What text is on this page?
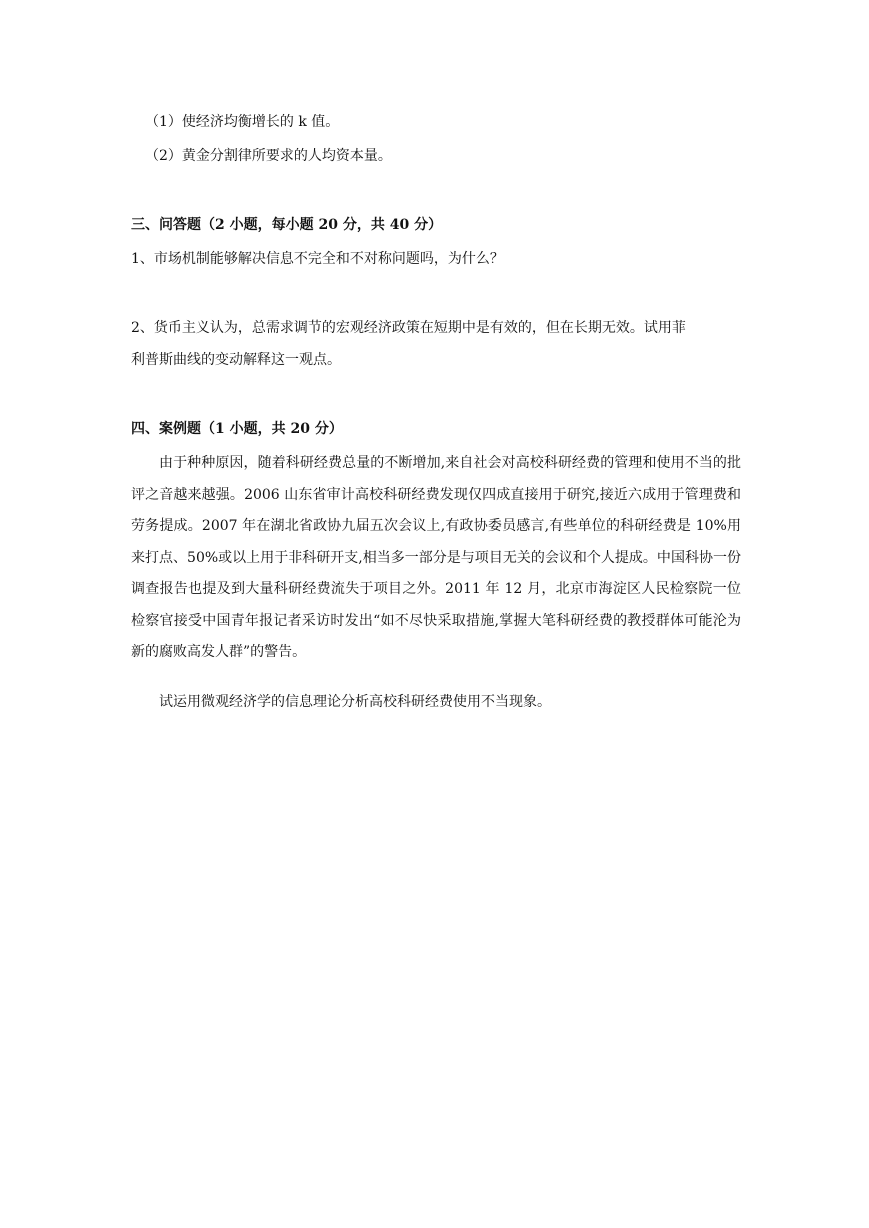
（1）使经济均衡增长的 k 值。
（2）黄金分割律所要求的人均资本量。
三、问答题（2 小题，每小题 20 分，共 40 分）
1、市场机制能够解决信息不完全和不对称问题吗，为什么？
2、货币主义认为，总需求调节的宏观经济政策在短期中是有效的，但在长期无效。试用菲
利普斯曲线的变动解释这一观点。
四、案例题（1 小题，共 20 分）
由于种种原因，随着科研经费总量的不断增加,来自社会对高校科研经费的管理和使用不当的批评之音越来越强。2006 山东省审计高校科研经费发现仅四成直接用于研究,接近六成用于管理费和劳务提成。2007 年在湖北省政协九届五次会议上,有政协委员感言,有些单位的科研经费是 10%用来打点、50%或以上用于非科研开支,相当多一部分是与项目无关的会议和个人提成。中国科协一份调查报告也提及到大量科研经费流失于项目之外。2011 年 12 月，北京市海淀区人民检察院一位检察官接受中国青年报记者采访时发出“如不尽快采取措施,掌握大笔科研经费的教授群体可能沦为新的腐败高发人群”的警告。
试运用微观经济学的信息理论分析高校科研经费使用不当现象。
